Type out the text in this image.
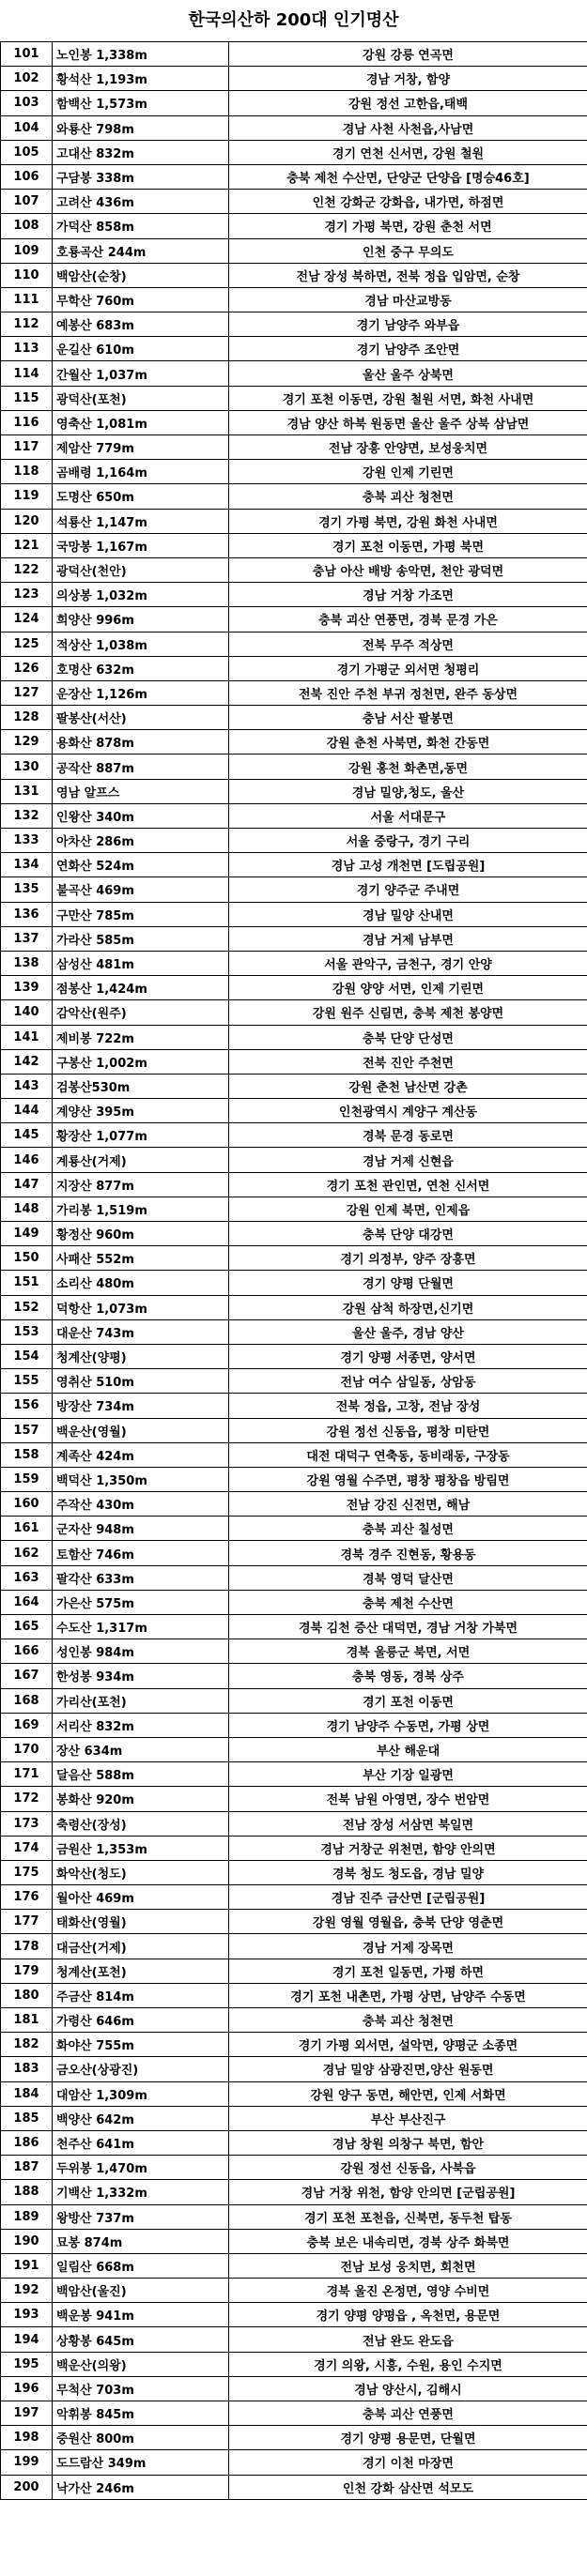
한국의산하 200대 인기명산
101	노인봉 1,338m	강원 강릉 연곡면
102	황석산 1,193m	경남 거창, 함양
103	함백산 1,573m	강원 정선 고한읍,태백
104	와룡산 798m	경남 사천 사천읍,사남면
105	고대산 832m	경기 연천 신서면, 강원 철원
106	구담봉 338m	충북 제천 수산면, 단양군 단양읍 [명승46호]
107	고려산 436m	인천 강화군 강화읍, 내가면, 하점면
108	가덕산 858m	경기 가평 북면, 강원 춘천 서면
109	호룡곡산 244m	인천 중구 무의도
110	백암산(순창)	전남 장성 북하면, 전북 정읍 입암면, 순창
111	무학산 760m	경남 마산교방동
112	예봉산 683m	경기 남양주 와부읍
113	운길산 610m	경기 남양주 조안면
114	간월산 1,037m	울산 울주 상북면
115	광덕산(포천)	경기 포천 이동면, 강원 철원 서면, 화천 사내면
116	영축산 1,081m	경남 양산 하북 원동면 울산 울주 상북 삼남면
117	제암산 779m	전남 장흥 안양면, 보성웅치면
118	곰배령 1,164m	강원 인제 기린면
119	도명산 650m	충북 괴산 청천면
120	석룡산 1,147m	경기 가평 북면, 강원 화천 사내면
121	국망봉 1,167m	경기 포천 이동면, 가평 북면
122	광덕산(천안)	충남 아산 배방 송악면, 천안 광덕면
123	의상봉 1,032m	경남 거창 가조면
124	희양산 996m	충북 괴산 연풍면, 경북 문경 가은
125	적상산 1,038m	전북 무주 적상면
126	호명산 632m	경기 가평군 외서면 청평리
127	운장산 1,126m	전북 진안 주천 부귀 정천면, 완주 동상면
128	팔봉산(서산)	충남 서산 팔봉면
129	용화산 878m	강원 춘천 사북면, 화천 간동면
130	공작산 887m	강원 홍천 화촌면,동면
131	영남 알프스	경남 밀양,청도, 울산
132	인왕산 340m	서울 서대문구
133	아차산 286m	서울 중랑구, 경기 구리
134	연화산 524m	경남 고성 개천면 [도립공원]
135	불곡산 469m	경기 양주군 주내면
136	구만산 785m	경남 밀양 산내면
137	가라산 585m	경남 거제 남부면
138	삼성산 481m	서울 관악구, 금천구, 경기 안양
139	점봉산 1,424m	강원 양양 서면, 인제 기린면
140	감악산(원주)	강원 원주 신림면, 충북 제천 봉양면
141	제비봉 722m	충북 단양 단성면
142	구봉산 1,002m	전북 진안 주천면
143	검봉산530m	강원 춘천 남산면 강촌
144	계양산 395m	인천광역시 계양구 계산동
145	황장산 1,077m	경북 문경 동로면
146	계룡산(거제)	경남 거제 신현읍
147	지장산 877m	경기 포천 관인면, 연천 신서면
148	가리봉 1,519m	강원 인제 북면, 인제읍
149	황정산 960m	충북 단양 대강면
150	사패산 552m	경기 의정부, 양주 장흥면
151	소리산 480m	경기 양평 단월면
152	덕항산 1,073m	강원 삼척 하장면,신기면
153	대운산 743m	울산 울주, 경남 양산
154	청계산(양평)	경기 양평 서종면, 양서면
155	영취산 510m	전남 여수 삼일동, 상암동
156	방장산 734m	전북 정읍, 고창, 전남 장성
157	백운산(영월)	강원 정선 신동읍, 평창 미탄면
158	계족산 424m	대전 대덕구 연축동, 동비래동, 구장동
159	백덕산 1,350m	강원 영월 수주면, 평창 평창읍 방림면
160	주작산 430m	전남 강진 신전면, 해남
161	군자산 948m	충북 괴산 칠성면
162	토함산 746m	경북 경주 진현동, 황용동
163	팔각산 633m	경북 영덕 달산면
164	가은산 575m	충북 제천 수산면
165	수도산 1,317m	경북 김천 증산 대덕면, 경남 거창 가북면
166	성인봉 984m	경북 울릉군 북면, 서면
167	한성봉 934m	충북 영동, 경북 상주
168	가리산(포천)	경기 포천 이동면
169	서리산 832m	경기 남양주 수동면, 가평 상면
170	장산 634m	부산 해운대
171	달음산 588m	부산 기장 일광면
172	봉화산 920m	전북 남원 아영면, 장수 번암면
173	축령산(장성)	전남 장성 서삼면 북일면
174	금원산 1,353m	경남 거창군 위천면, 함양 안의면
175	화악산(청도)	경북 청도 청도읍, 경남 밀양
176	월아산 469m	경남 진주 금산면 [군립공원]
177	태화산(영월)	강원 영월 영월읍, 충북 단양 영춘면
178	대금산(거제)	경남 거제 장목면
179	청계산(포천)	경기 포천 일동면, 가평 하면
180	주금산 814m	경기 포천 내촌면, 가평 상면, 남양주 수동면
181	가령산 646m	충북 괴산 청천면
182	화야산 755m	경기 가평 외서면, 설악면, 양평군 소종면
183	금오산(상광진)	경남 밀양 삼광진면,양산 원동면
184	대암산 1,309m	강원 양구 동면, 해안면, 인제 서화면
185	백양산 642m	부산 부산진구
186	천주산 641m	경남 창원 의창구 북면, 함안
187	두위봉 1,470m	강원 정선 신동읍, 사북읍
188	기백산 1,332m	경남 거창 위천, 함양 안의면 [군립공원]
189	왕방산 737m	경기 포천 포천읍, 신북면, 동두천 탑동
190	묘봉 874m	충북 보은 내속리면, 경북 상주 화북면
191	일림산 668m	전남 보성 웅치면, 회천면
192	백암산(울진)	경북 울진 온정면, 영양 수비면
193	백운봉 941m	경기 양평 양평읍 , 옥천면, 용문면
194	상황봉 645m	전남 완도 완도읍
195	백운산(의왕)	경기 의왕, 시흥, 수원, 용인 수지면
196	무척산 703m	경남 양산시, 김해시
197	악휘봉 845m	충북 괴산 연풍면
198	중원산 800m	경기 양평 용문면, 단월면
199	도드람산 349m	경기 이천 마장면
200	낙가산 246m	인천 강화 삼산면 석모도
